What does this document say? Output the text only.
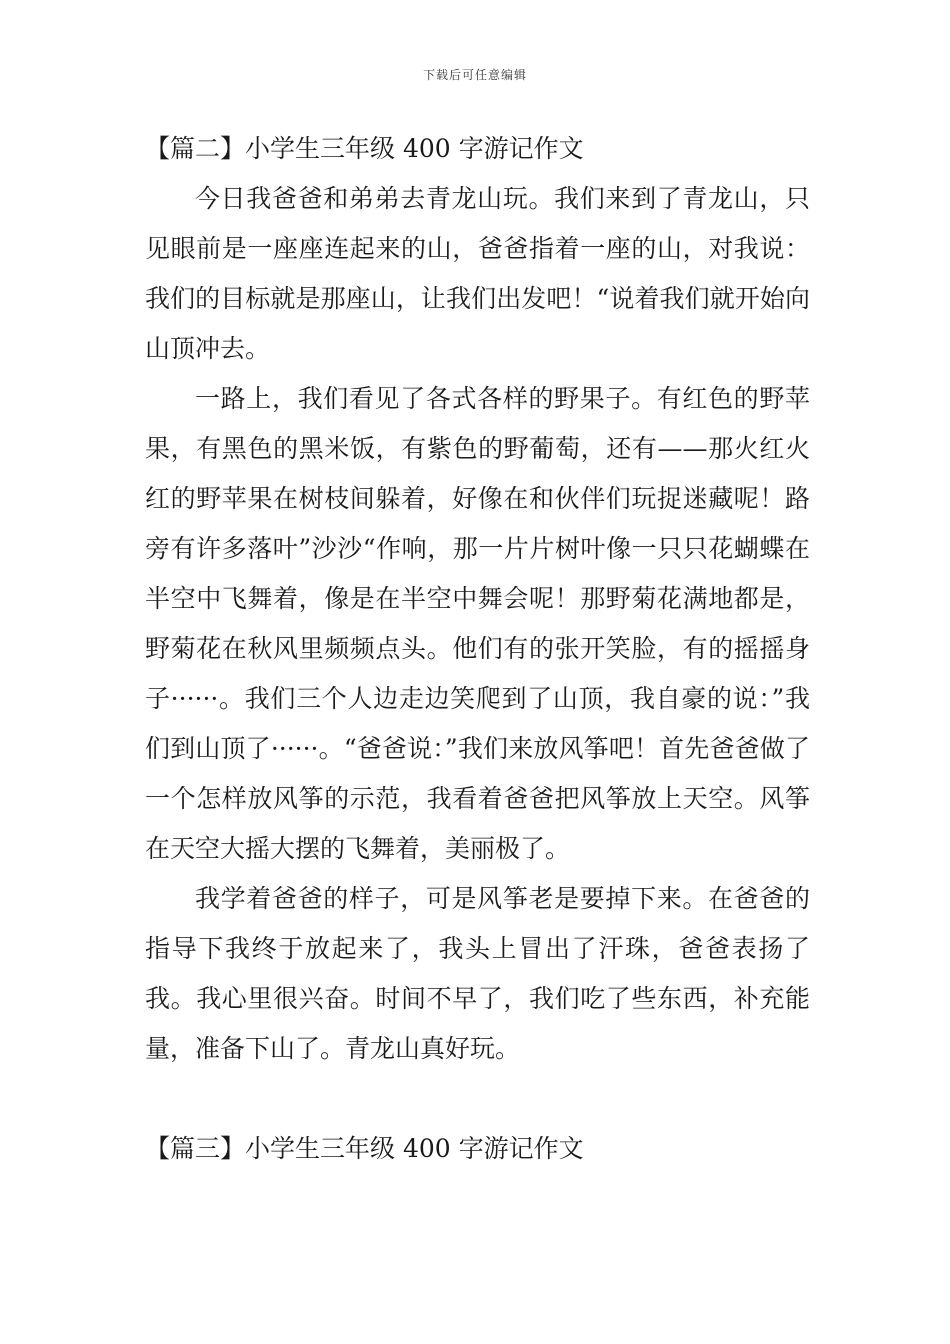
下载后可任意编辑
【篇二】小学生三年级 400 字游记作文

今日我爸爸和弟弟去青龙山玩。我们来到了青龙山，只见眼前是一座座连起来的山，爸爸指着一座的山，对我说：我们的目标就是那座山，让我们出发吧！“说着我们就开始向山顶冲去。

一路上，我们看见了各式各样的野果子。有红色的野苹果，有黑色的黑米饭，有紫色的野葡萄，还有——那火红火红的野苹果在树枝间躲着，好像在和伙伴们玩捉迷藏呢！路旁有许多落叶”沙沙“作响，那一片片树叶像一只只花蝴蝶在半空中飞舞着，像是在半空中舞会呢！那野菊花满地都是，野菊花在秋风里频频点头。他们有的张开笑脸，有的摇摇身子······。我们三个人边走边笑爬到了山顶，我自豪的说：”我们到山顶了······。“爸爸说：”我们来放风筝吧！首先爸爸做了一个怎样放风筝的示范，我看着爸爸把风筝放上天空。风筝在天空大摇大摆的飞舞着，美丽极了。

我学着爸爸的样子，可是风筝老是要掉下来。在爸爸的指导下我终于放起来了，我头上冒出了汗珠，爸爸表扬了我。我心里很兴奋。时间不早了，我们吃了些东西，补充能量，准备下山了。青龙山真好玩。

【篇三】小学生三年级 400 字游记作文
